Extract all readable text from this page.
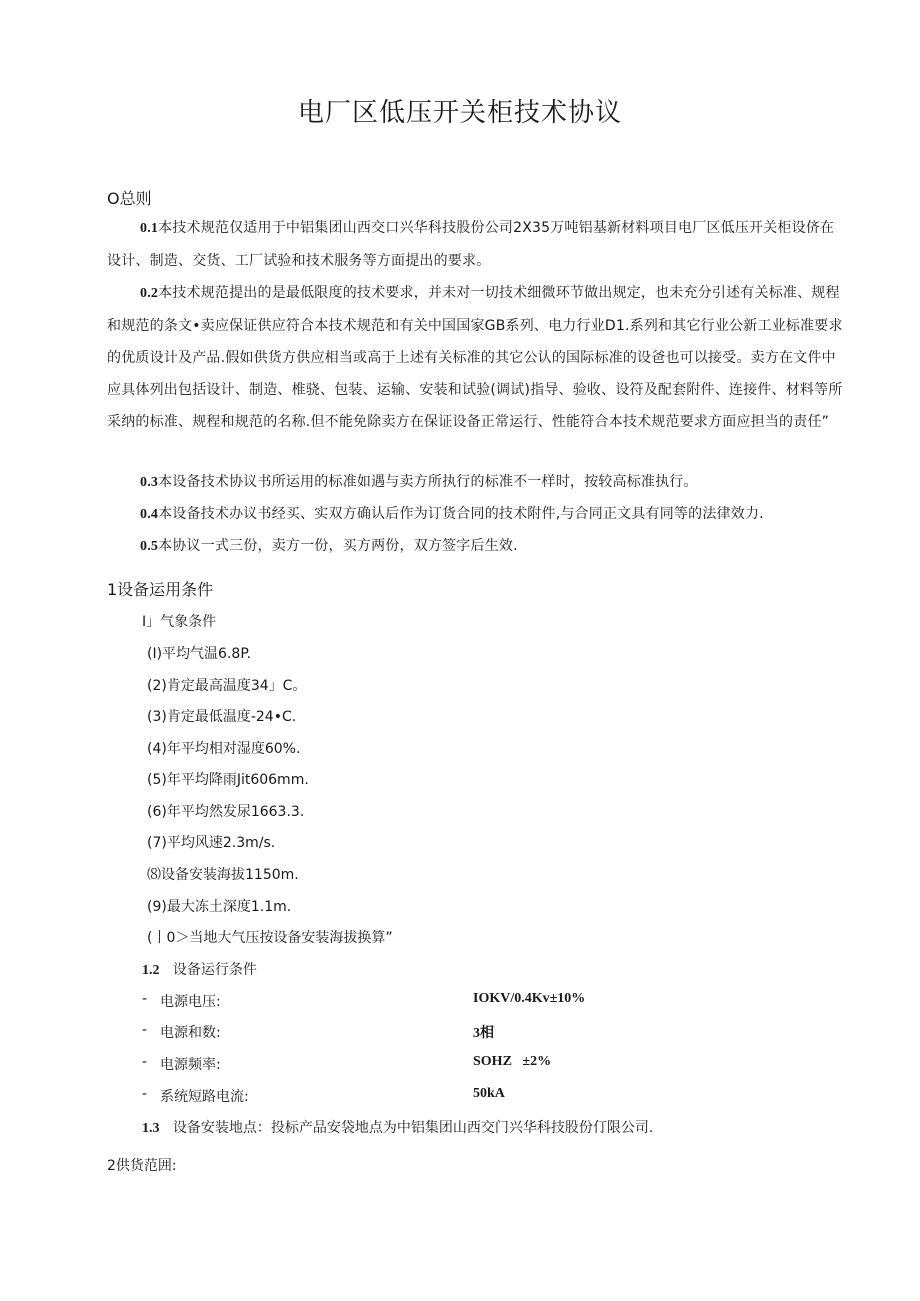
电厂区低压开关柜技术协议
O总则

0.1本技术规范仅适用于中铝集团山西交口兴华科技股份公司2X35万吨铝基新材料项目电厂区低压开关柜设侪在设计、制造、交货、工厂试验和技术服务等方面提出的要求。

0.2本技术规范提出的是最低限度的技术要求，并未对一切技术细微环节做出规定，也未充分引述有关标准、规程和规范的条文•卖应保证供应符合本技术规范和有关中国国家GB系列、电力行业D1.系列和其它行业公新工业标准要求的优质设计及产品.假如供货方供应相当或高于上述有关标准的其它公认的国际标准的设爸也可以接受。卖方在文件中应具体列出包括设计、制造、椎骁、包装、运输、安装和试验(调试)指导、验收、设符及配套附件、连接件、材料等所采纳的标准、规程和规范的名称.但不能免除卖方在保证设备正常运行、性能符合本技术规范要求方面应担当的责任”

0.3本设备技术协议书所运用的标准如遇与卖方所执行的标准不一样时，按较高标准执行。

0.4本设备技术办议书经买、实双方确认后作为订货合同的技术附件,与合同正文具有同等的法律效力.

0.5本协议一式三份，卖方一份，买方两份，双方签字后生效.

1设备运用条件
I」气象条件
(I)平均气温6.8P.
(2)肯定最高温度34」C。
(3)肯定最低温度-24•C.
(4)年平均相对湿度60%.
(5)年平均降雨Jit606mm.
(6)年平均然发尿1663.3.
(7)平均风速2.3m∕s.
⑻设备安装海拔1150m.
(9)最大冻土深度1.1m.
(丨0＞当地大气压按设备安装海拔换算”
1.2 设备运行条件
- 电源电压:	IOKV/0.4Kv±10%
- 电源和数:	3相
- 电源频率:	SOHZ   ±2%
- 系统短路电流:	50kA
1.3 设备安装地点：投标产品安袋地点为中铝集团山西交门兴华科技股份仃限公司.
2供货范囲:
